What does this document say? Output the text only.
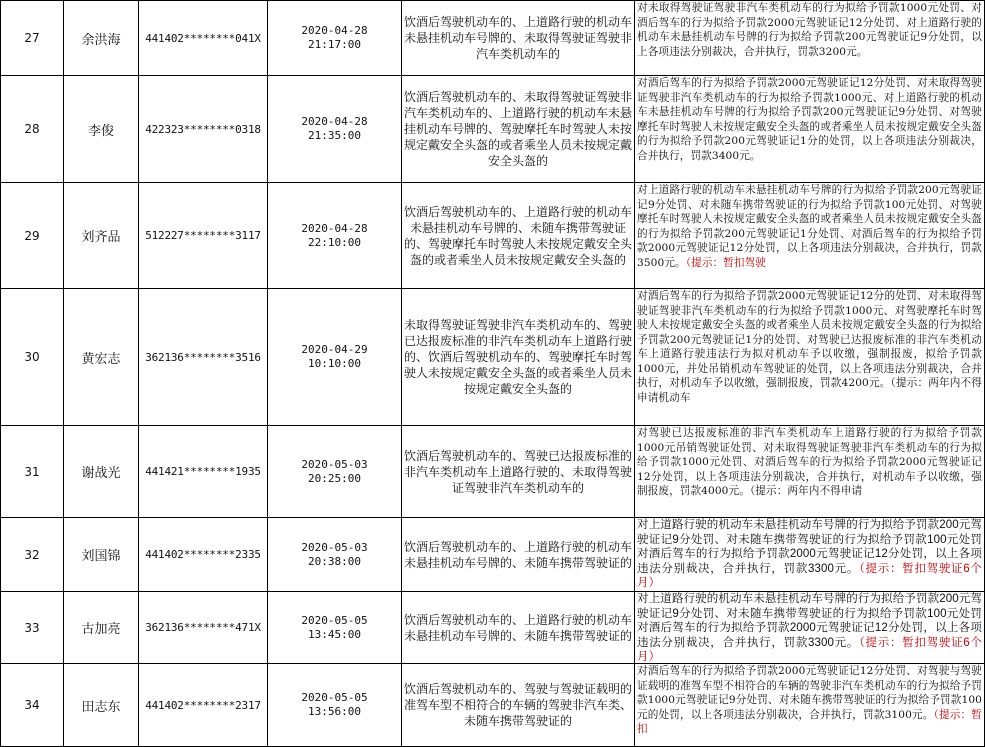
27	余洪海	441402********041X	2020-04-28
21:17:00	饮酒后驾驶机动车的、上道路行驶的机动车未悬挂机动车号牌的、未取得驾驶证驾驶非汽车类机动车的	对未取得驾驶证驾驶非汽车类机动车的行为拟给予罚款1000元处罚、对酒后驾车的行为拟给予罚款2000元驾驶证记12分处罚、对上道路行驶的机动车未悬挂机动车号牌的行为拟给予罚款200元驾驶证记9分处罚，以上各项违法分别裁决，合并执行，罚款3200元。

28	李俊	422323********0318	2020-04-28
21:35:00	饮酒后驾驶机动车的、未取得驾驶证驾驶非汽车类机动车的、上道路行驶的机动车未悬挂机动车号牌的、驾驶摩托车时驾驶人未按规定戴安全头盔的或者乘坐人员未按规定戴安全头盔的	对酒后驾车的行为拟给予罚款2000元驾驶证记12分处罚、对未取得驾驶证驾驶非汽车类机动车的行为拟给予罚款1000元、对上道路行驶的机动车未悬挂机动车号牌的行为拟给予罚款200元驾驶证记9分处罚、对驾驶摩托车时驾驶人未按规定戴安全头盔的或者乘坐人员未按规定戴安全头盔的行为拟给予罚款200元驾驶证记1分的处罚，以上各项违法分别裁决，合并执行，罚款3400元。

29	刘齐品	512227********3117	2020-04-28
22:10:00	饮酒后驾驶机动车的、上道路行驶的机动车未悬挂机动车号牌的、未随车携带驾驶证的、驾驶摩托车时驾驶人未按规定戴安全头盔的或者乘坐人员未按规定戴安全头盔的	对上道路行驶的机动车未悬挂机动车号牌的行为拟给予罚款200元驾驶证记9分处罚、对未随车携带驾驶证的行为拟给予罚款100元处罚、对驾驶摩托车时驾驶人未按规定戴安全头盔的或者乘坐人员未按规定戴安全头盔的行为拟给予罚款200元驾驶证记1分处罚、对酒后驾车的行为拟给予罚款2000元驾驶证记12分处罚，以上各项违法分别裁决，合并执行，罚款3500元。（提示：暂扣驾驶

30	黄宏志	362136********3516	2020-04-29
10:10:00	未取得驾驶证驾驶非汽车类机动车的、驾驶已达报废标准的非汽车类机动车上道路行驶的、饮酒后驾驶机动车的、驾驶摩托车时驾驶人未按规定戴安全头盔的或者乘坐人员未按规定戴安全头盔的	对酒后驾车的行为拟给予罚款2000元驾驶证记12分的处罚、对未取得驾驶证驾驶非汽车类机动车的行为拟给予罚款1000元、对驾驶摩托车时驾驶人未按规定戴安全头盔的或者乘坐人员未按规定戴安全头盔的行为拟给予罚款200元驾驶证记1分的处罚、对驾驶已达报废标准的非汽车类机动车上道路行驶违法行为拟对机动车予以收缴，强制报废，拟给予罚款1000元，并处吊销机动车驾驶证的处罚，以上各项违法分别裁决，合并执行，对机动车予以收缴，强制报废，罚款4200元。（提示：两年内不得申请机动车

31	谢战光	441421********1935	2020-05-03
20:25:00	饮酒后驾驶机动车的、驾驶已达报废标准的非汽车类机动车上道路行驶的、未取得驾驶证驾驶非汽车类机动车的	对驾驶已达报废标准的非汽车类机动车上道路行驶的行为拟给予罚款1000元吊销驾驶证处罚、对未取得驾驶证驾驶非汽车类机动车的行为拟给予罚款1000元处罚、对酒后驾车的行为拟给予罚款2000元驾驶证记12分处罚，以上各项违法分别裁决，合并执行，对机动车予以收缴，强制报废，罚款4000元。（提示：两年内不得申请

32	刘国锦	441402********2335	2020-05-03
20:38:00	饮酒后驾驶机动车的、上道路行驶的机动车未悬挂机动车号牌的、未随车携带驾驶证的	对上道路行驶的机动车未悬挂机动车号牌的行为拟给予罚款200元驾驶证记9分处罚、对未随车携带驾驶证的行为拟给予罚款100元处罚对酒后驾车的行为拟给予罚款2000元驾驶证记12分处罚，以上各项违法分别裁决，合并执行，罚款3300元。（提示：暂扣驾驶证6个月）

33	古加亮	362136********471X	2020-05-05
13:45:00	饮酒后驾驶机动车的、上道路行驶的机动车未悬挂机动车号牌的、未随车携带驾驶证的	对上道路行驶的机动车未悬挂机动车号牌的行为拟给予罚款200元驾驶证记9分处罚、对未随车携带驾驶证的行为拟给予罚款100元处罚对酒后驾车的行为拟给予罚款2000元驾驶证记12分处罚，以上各项违法分别裁决，合并执行，罚款3300元。（提示：暂扣驾驶证6个月）

34	田志东	441402********2317	2020-05-05
13:56:00	饮酒后驾驶机动车的、驾驶与驾驶证载明的准驾车型不相符合的车辆的驾驶非汽车类、未随车携带驾驶证的	对酒后驾车的行为拟给予罚款2000元驾驶证记12分处罚、对驾驶与驾驶证载明的准驾车型不相符合的车辆的驾驶非汽车类机动车的行为拟给予罚款1000元驾驶证记9分处罚、对未随车携带驾驶证的行为拟给予罚款100元的处罚，以上各项违法分别裁决，合并执行，罚款3100元。（提示：暂扣
